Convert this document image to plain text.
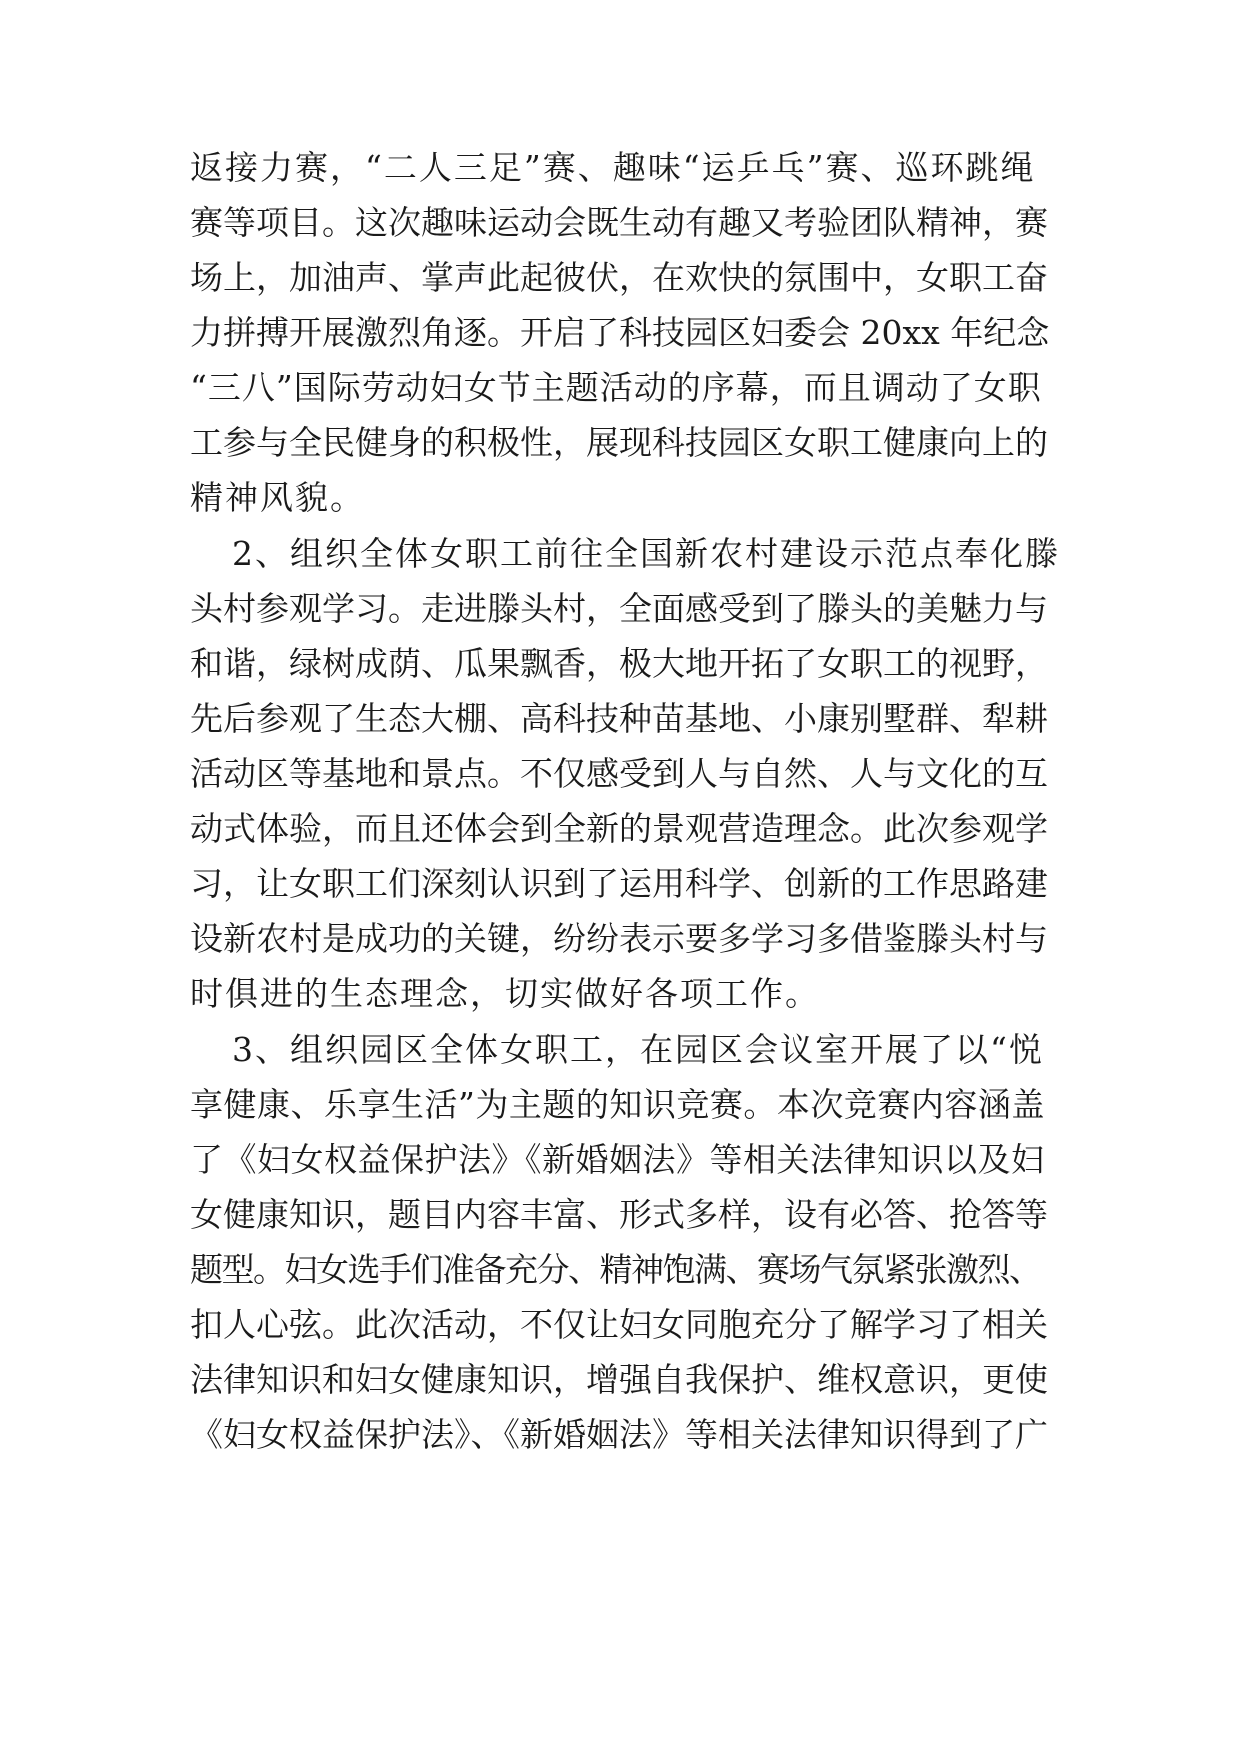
返接力赛，“二人三足”赛、趣味“运乒乓”赛、巡环跳绳
赛等项目。这次趣味运动会既生动有趣又考验团队精神，赛
场上，加油声、掌声此起彼伏，在欢快的氛围中，女职工奋
力拼搏开展激烈角逐。开启了科技园区妇委会 20xx 年纪念
“三八”国际劳动妇女节主题活动的序幕，而且调动了女职
工参与全民健身的积极性，展现科技园区女职工健康向上的
精神风貌。
2、组织全体女职工前往全国新农村建设示范点奉化滕
头村参观学习。走进滕头村，全面感受到了滕头的美魅力与
和谐，绿树成荫、瓜果飘香，极大地开拓了女职工的视野，
先后参观了生态大棚、高科技种苗基地、小康别墅群、犁耕
活动区等基地和景点。不仅感受到人与自然、人与文化的互
动式体验，而且还体会到全新的景观营造理念。此次参观学
习，让女职工们深刻认识到了运用科学、创新的工作思路建
设新农村是成功的关键，纷纷表示要多学习多借鉴滕头村与
时俱进的生态理念，切实做好各项工作。
3、组织园区全体女职工，在园区会议室开展了以“悦
享健康、乐享生活”为主题的知识竞赛。本次竞赛内容涵盖
了《妇女权益保护法》《新婚姻法》等相关法律知识以及妇
女健康知识，题目内容丰富、形式多样，设有必答、抢答等
题型。妇女选手们准备充分、精神饱满、赛场气氛紧张激烈、
扣人心弦。此次活动，不仅让妇女同胞充分了解学习了相关
法律知识和妇女健康知识，增强自我保护、维权意识，更使
《妇女权益保护法》、《新婚姻法》等相关法律知识得到了广
